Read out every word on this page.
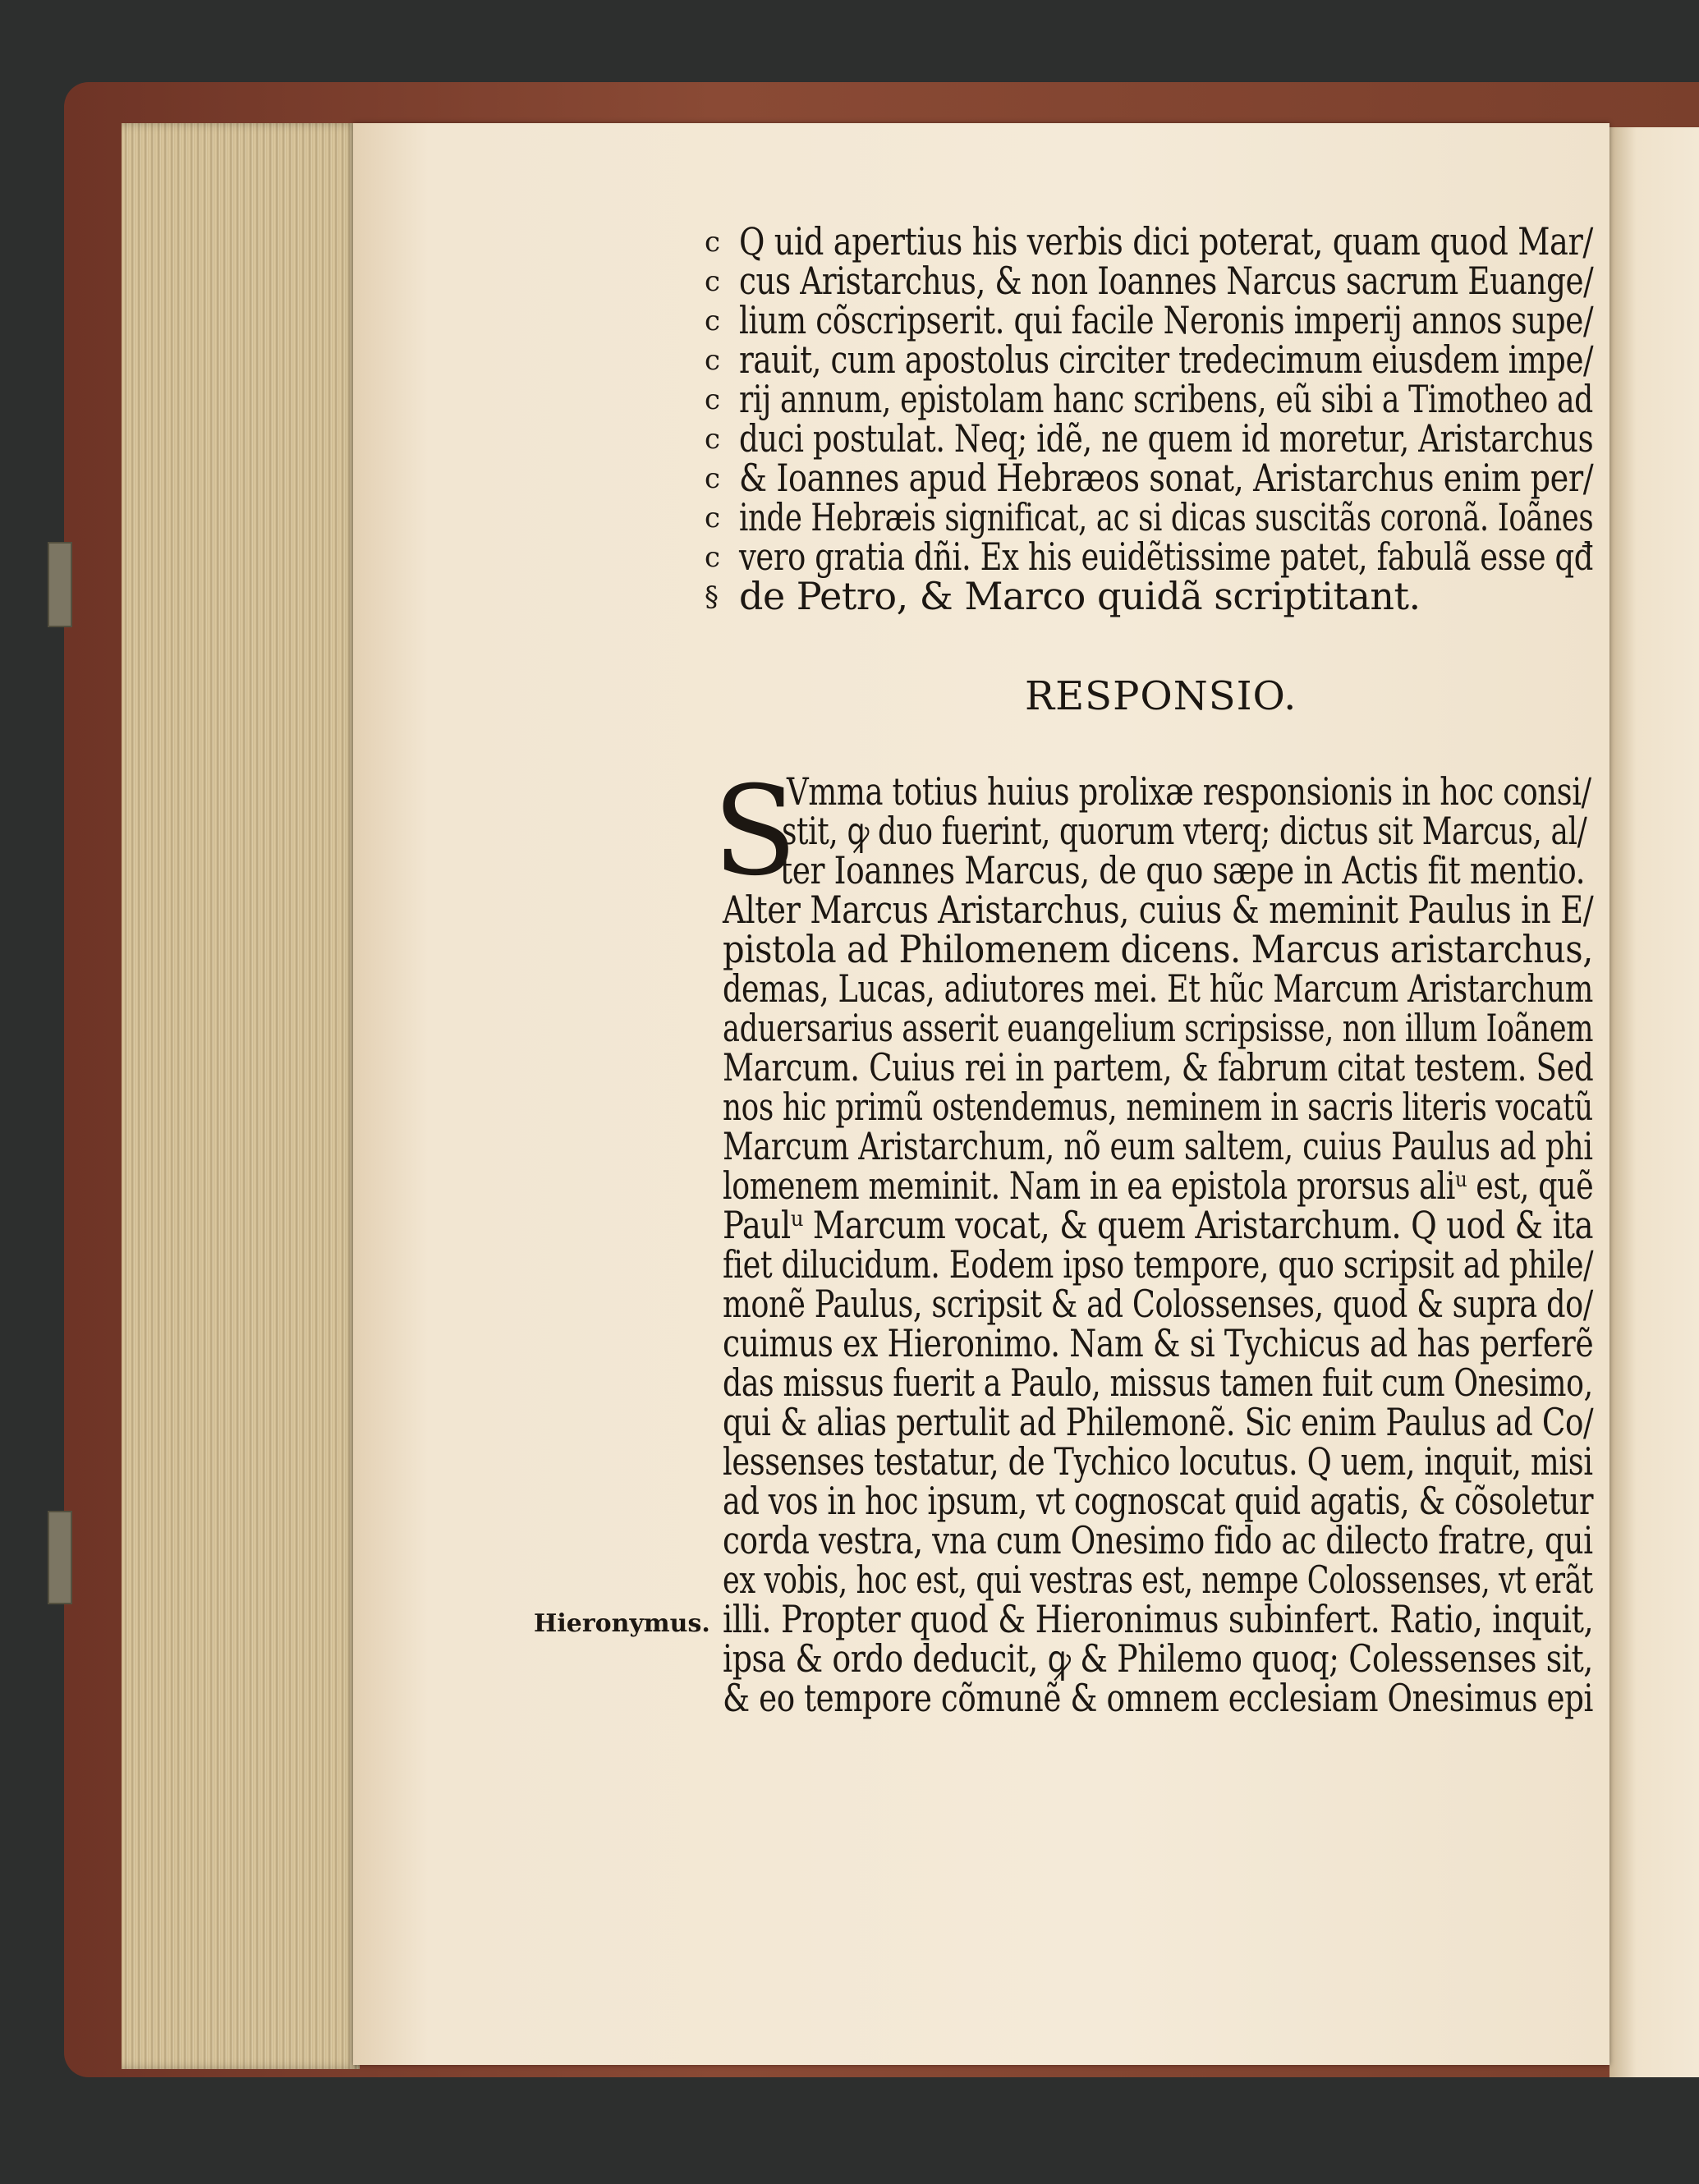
c
c
c
c
c
c
c
c
c
§
Q uid apertius his verbis dici poterat, quam quod Mar/
cus Aristarchus, & non Ioannes Narcus sacrum Euange/
lium cõscripserit. qui facile Neronis imperij annos supe/
rauit, cum apostolus circiter tredecimum eiusdem impe/
rij annum, epistolam hanc scribens, eũ sibi a Timotheo ad
duci postulat. Neq; idẽ, ne quem id moretur, Aristarchus
& Ioannes apud Hebræos sonat, Aristarchus enim per/
inde Hebræis significat, ac si dicas suscitãs coronã. Ioãnes
vero gratia dñi. Ex his euidẽtissime patet, fabulã esse qđ
de Petro, & Marco quidã scriptitant.
RESPONSIO.
S
Vmma totius huius prolixæ responsionis in hoc consi/
stit, ꝙ duo fuerint, quorum vterq; dictus sit Marcus, al/
ter Ioannes Marcus, de quo sæpe in Actis fit mentio.
Alter Marcus Aristarchus, cuius & meminit Paulus in E/
pistola ad Philomenem dicens. Marcus aristarchus,
demas, Lucas, adiutores mei. Et hũc Marcum Aristarchum
aduersarius asserit euangelium scripsisse, non illum Ioãnem
Marcum. Cuius rei in partem, & fabrum citat testem. Sed
nos hic primũ ostendemus, neminem in sacris literis vocatũ
Marcum Aristarchum, nõ eum saltem, cuius Paulus ad phi
lomenem meminit. Nam in ea epistola prorsus aliᵘ est, quẽ
Paulᵘ Marcum vocat, & quem Aristarchum. Q uod & ita
fiet dilucidum. Eodem ipso tempore, quo scripsit ad phile/
monẽ Paulus, scripsit & ad Colossenses, quod & supra do/
cuimus ex Hieronimo. Nam & si Tychicus ad has perferẽ
das missus fuerit a Paulo, missus tamen fuit cum Onesimo,
qui & alias pertulit ad Philemonẽ. Sic enim Paulus ad Co/
lessenses testatur, de Tychico locutus. Q uem, inquit, misi
ad vos in hoc ipsum, vt cognoscat quid agatis, & cõsoletur
corda vestra, vna cum Onesimo fido ac dilecto fratre, qui
ex vobis, hoc est, qui vestras est, nempe Colossenses, vt erãt
illi. Propter quod & Hieronimus subinfert. Ratio, inquit,
ipsa & ordo deducit, ꝙ & Philemo quoq; Colessenses sit,
& eo tempore cõmunẽ & omnem ecclesiam Onesimus epi
Hieronymus.
